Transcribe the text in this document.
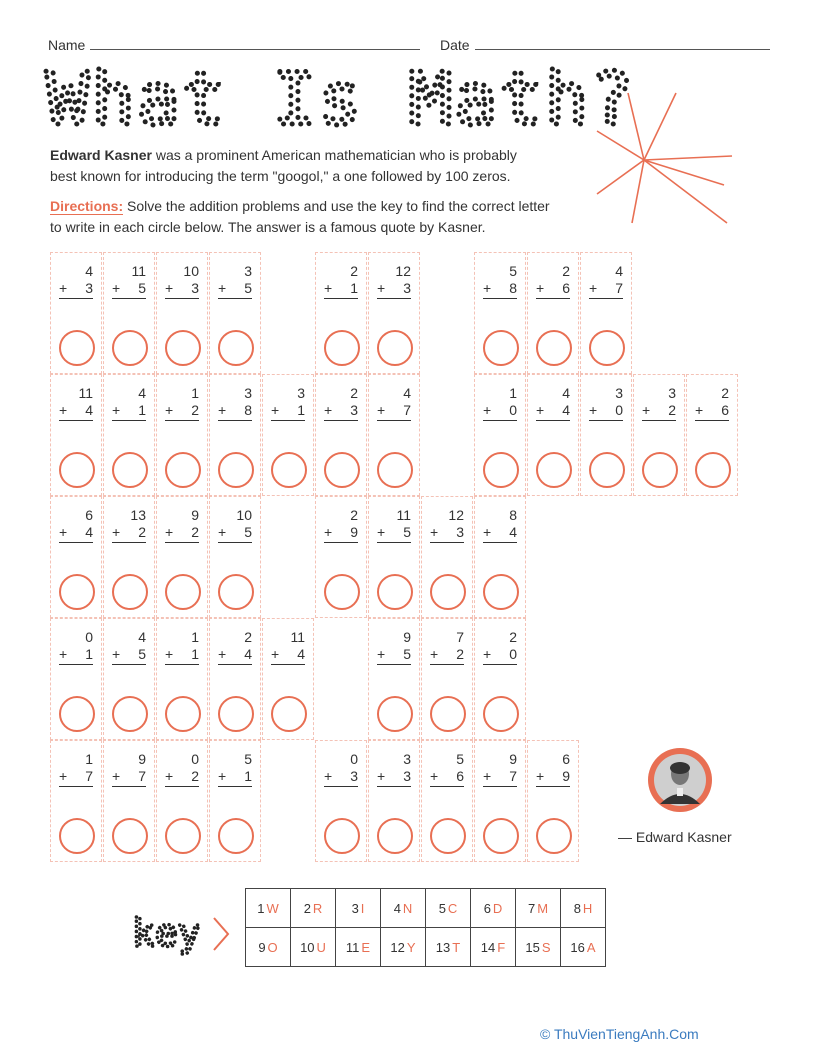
Name	Date
What Is Math?
Edward Kasner was a prominent American mathematician who is probably
best known for introducing the term "googol," a one followed by 100 zeros.
Directions: Solve the addition problems and use the key to find the correct letter
to write in each circle below. The answer is a famous quote by Kasner.
4
+ 3
11
+ 5
10
+ 3
3
+ 5
2
+ 1
12
+ 3
5
+ 8
2
+ 6
4
+ 7
11
+ 4
4
+ 1
1
+ 2
3
+ 8
3
+ 1
2
+ 3
4
+ 7
1
+ 0
4
+ 4
3
+ 0
3
+ 2
2
+ 6
6
+ 4
13
+ 2
9
+ 2
10
+ 5
2
+ 9
11
+ 5
12
+ 3
8
+ 4
0
+ 1
4
+ 5
1
+ 1
2
+ 4
11
+ 4
9
+ 5
7
+ 2
2
+ 0
1
+ 7
9
+ 7
0
+ 2
5
+ 1
0
+ 3
3
+ 3
5
+ 6
9
+ 7
6
+ 9
— Edward Kasner
key
1 W	2 R	3 I	4 N	5 C	6 D	7 M	8 H
9 O	10 U	11 E	12 Y	13 T	14 F	15 S	16 A
© ThuVienTiengAnh.Com
